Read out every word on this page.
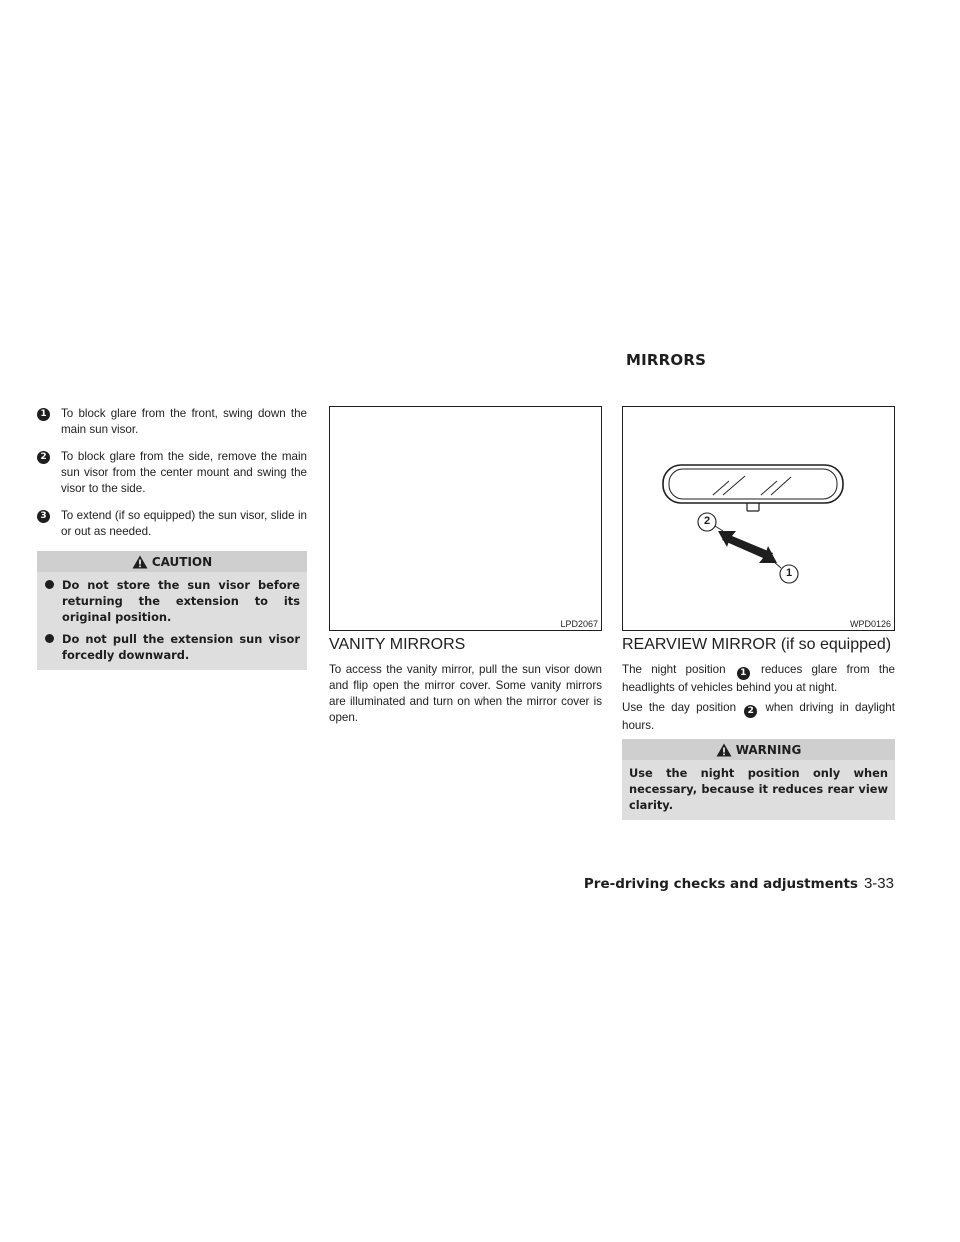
MIRRORS
1 To block glare from the front, swing down the main sun visor.
2 To block glare from the side, remove the main sun visor from the center mount and swing the visor to the side.
3 To extend (if so equipped) the sun visor, slide in or out as needed.
CAUTION
Do not store the sun visor before returning the extension to its original position.
Do not pull the extension sun visor forcedly downward.
LPD2067
VANITY MIRRORS
To access the vanity mirror, pull the sun visor down and flip open the mirror cover. Some vanity mirrors are illuminated and turn on when the mirror cover is open.
2
1
WPD0126
REARVIEW MIRROR (if so equipped)
The night position 1 reduces glare from the headlights of vehicles behind you at night.
Use the day position 2 when driving in daylight hours.
WARNING
Use the night position only when necessary, because it reduces rear view clarity.
Pre-driving checks and adjustments 3-33
